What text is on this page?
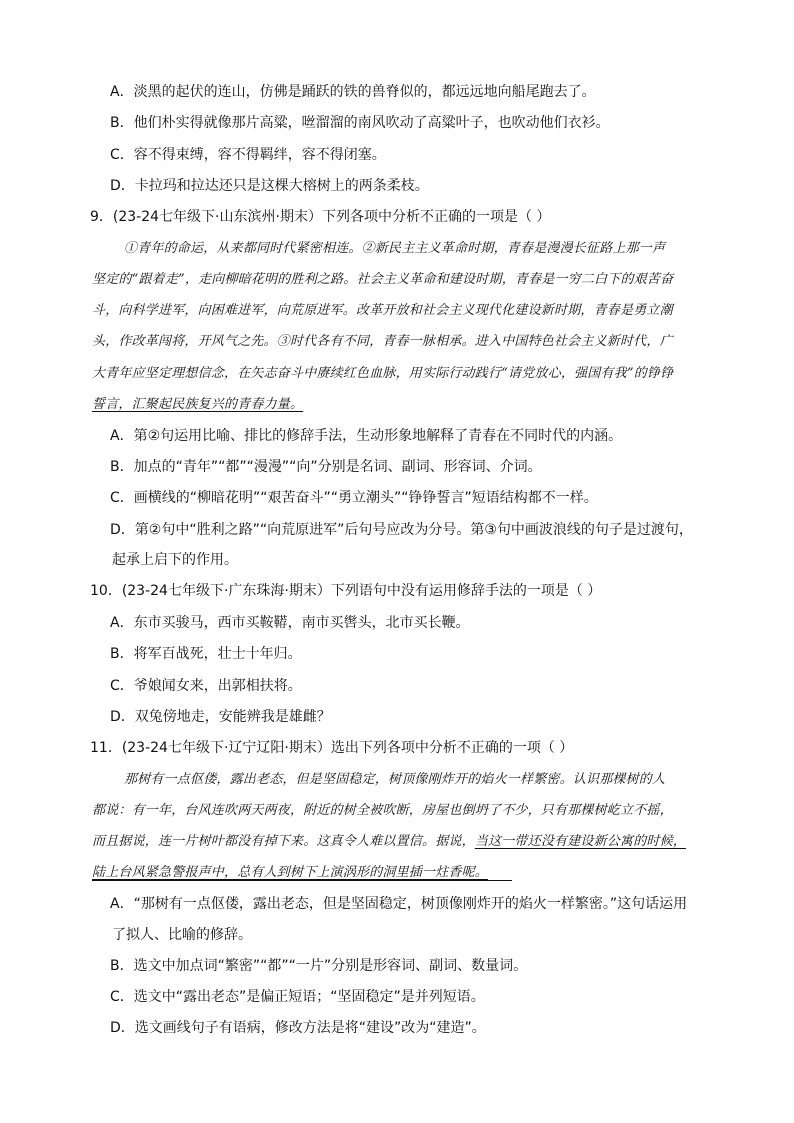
A．淡黑的起伏的连山，仿佛是踊跃的铁的兽脊似的，都远远地向船尾跑去了。
B．他们朴实得就像那片高粱，咝溜溜的南风吹动了高粱叶子，也吹动他们衣衫。
C．容不得束缚，容不得羁绊，容不得闭塞。
D．卡拉玛和拉达还只是这棵大榕树上的两条柔枝。
9．(23-24七年级下·山东滨州·期末）下列各项中分析不正确的一项是（ ）
①青年的命运，从来都同时代紧密相连。②新民主主义革命时期，青春是漫漫长征路上那一声
坚定的“跟着走”，走向柳暗花明的胜利之路。社会主义革命和建设时期，青春是一穷二白下的艰苦奋
斗，向科学进军，向困难进军，向荒原进军。改革开放和社会主义现代化建设新时期，青春是勇立潮
头，作改革闯将，开风气之先。③时代各有不同，青春一脉相承。进入中国特色社会主义新时代，广
大青年应坚定理想信念，在矢志奋斗中赓续红色血脉，用实际行动践行“请党放心，强国有我”的铮铮
誓言，汇聚起民族复兴的青春力量。
A．第②句运用比喻、排比的修辞手法，生动形象地解释了青春在不同时代的内涵。
B．加点的“青年”“都”“漫漫”“向”分别是名词、副词、形容词、介词。
C．画横线的“柳暗花明”“艰苦奋斗”“勇立潮头”“铮铮誓言”短语结构都不一样。
D．第②句中“胜利之路”“向荒原进军”后句号应改为分号。第③句中画波浪线的句子是过渡句，
起承上启下的作用。
10．(23-24七年级下·广东珠海·期末）下列语句中没有运用修辞手法的一项是（ ）
A．东市买骏马，西市买鞍鞯，南市买辔头，北市买长鞭。
B．将军百战死，壮士十年归。
C．爷娘闻女来，出郭相扶将。
D．双兔傍地走，安能辨我是雄雌？
11．(23-24七年级下·辽宁辽阳·期末）选出下列各项中分析不正确的一项（ ）
那树有一点伛偻，露出老态，但是坚固稳定，树顶像刚炸开的焰火一样繁密。认识那棵树的人
都说：有一年，台风连吹两天两夜，附近的树全被吹断，房屋也倒坍了不少，只有那棵树屹立不摇，
而且据说，连一片树叶都没有掉下来。这真令人难以置信。据说，当这一带还没有建设新公寓的时候，
陆上台风紧急警报声中，总有人到树下上演涡形的洞里插一炷香呢。
A．“那树有一点伛偻，露出老态，但是坚固稳定，树顶像刚炸开的焰火一样繁密。”这句话运用
了拟人、比喻的修辞。
B．选文中加点词“繁密”“都”“一片”分别是形容词、副词、数量词。
C．选文中“露出老态”是偏正短语；“坚固稳定”是并列短语。
D．选文画线句子有语病，修改方法是将“建设”改为“建造”。
